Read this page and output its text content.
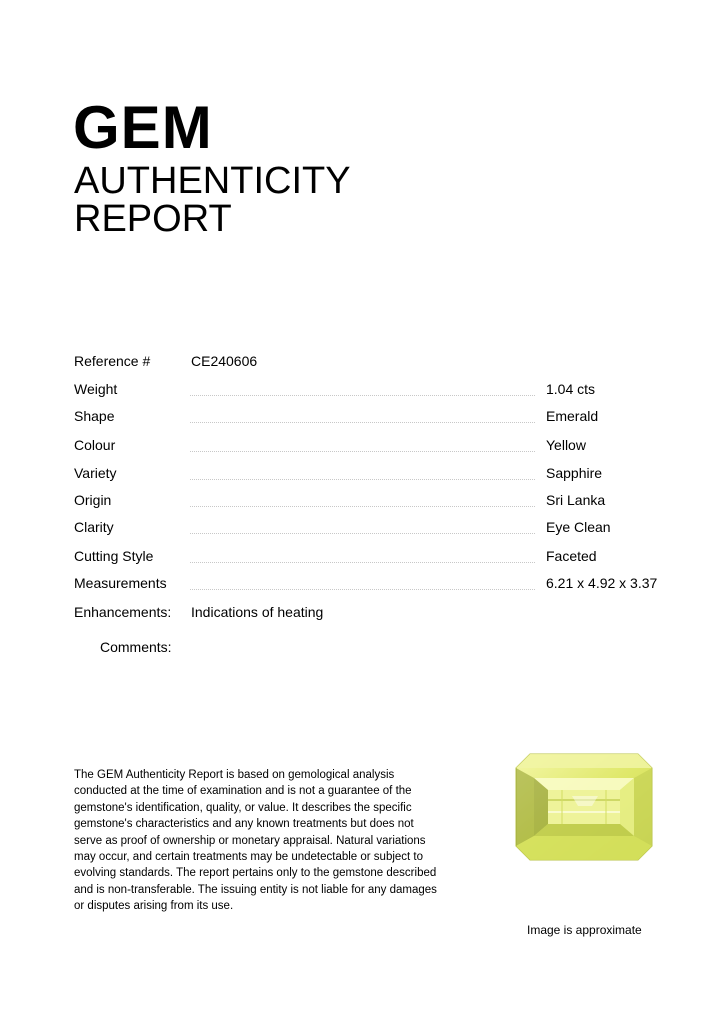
GEM
AUTHENTICITY
REPORT
Reference #	CE240606
Weight	1.04 cts
Shape	Emerald
Colour	Yellow
Variety	Sapphire
Origin	Sri Lanka
Clarity	Eye Clean
Cutting Style	Faceted
Measurements	6.21 x 4.92 x 3.37
Enhancements: Indications of heating
Comments:
The GEM Authenticity Report is based on gemological analysis conducted at the time of examination and is not a guarantee of the gemstone's identification, quality, or value. It describes the specific gemstone's characteristics and any known treatments but does not serve as proof of ownership or monetary appraisal. Natural variations may occur, and certain treatments may be undetectable or subject to evolving standards. The report pertains only to the gemstone described and is non-transferable. The issuing entity is not liable for any damages or disputes arising from its use.
Image is approximate
